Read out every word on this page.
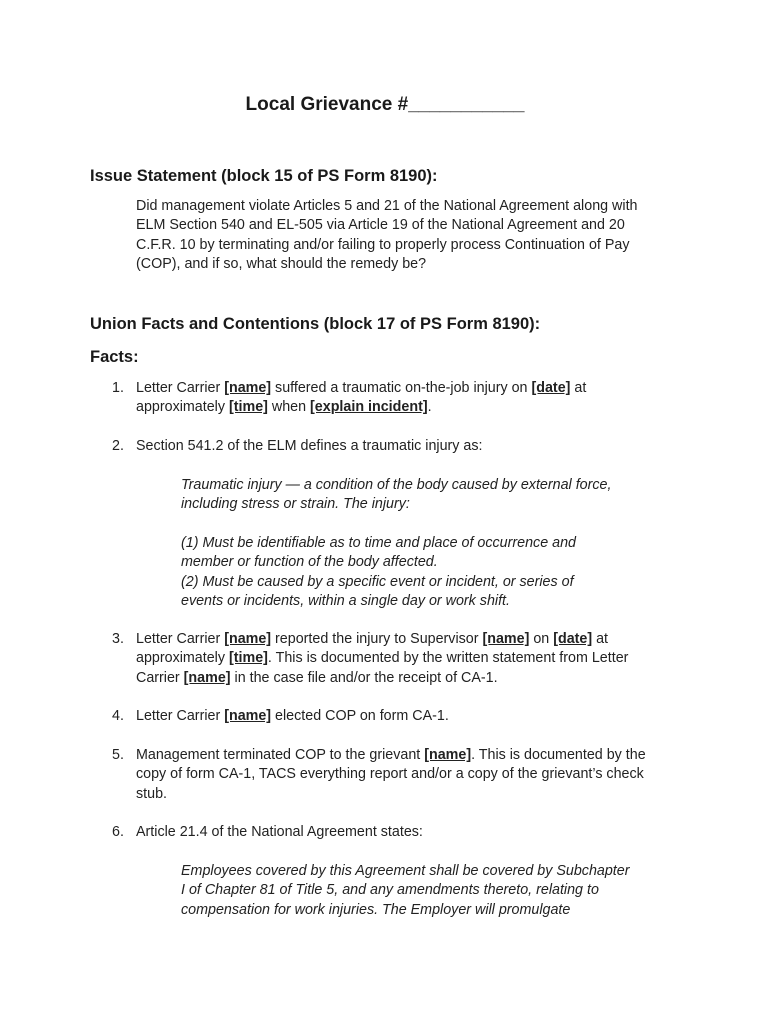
Local Grievance #___________
Issue Statement (block 15 of PS Form 8190):
Did management violate Articles 5 and 21 of the National Agreement along with
ELM Section 540 and EL-505 via Article 19 of the National Agreement and 20
C.F.R. 10 by terminating and/or failing to properly process Continuation of Pay
(COP), and if so, what should the remedy be?
Union Facts and Contentions (block 17 of PS Form 8190):
Facts:
1. Letter Carrier [name] suffered a traumatic on-the-job injury on [date] at
approximately [time] when [explain incident].
2. Section 541.2 of the ELM defines a traumatic injury as:
Traumatic injury — a condition of the body caused by external force,
including stress or strain. The injury:
(1) Must be identifiable as to time and place of occurrence and
member or function of the body affected.
(2) Must be caused by a specific event or incident, or series of
events or incidents, within a single day or work shift.
3. Letter Carrier [name] reported the injury to Supervisor [name] on [date] at
approximately [time]. This is documented by the written statement from Letter
Carrier [name] in the case file and/or the receipt of CA-1.
4. Letter Carrier [name] elected COP on form CA-1.
5. Management terminated COP to the grievant [name]. This is documented by the
copy of form CA-1, TACS everything report and/or a copy of the grievant’s check
stub.
6. Article 21.4 of the National Agreement states:
Employees covered by this Agreement shall be covered by Subchapter
I of Chapter 81 of Title 5, and any amendments thereto, relating to
compensation for work injuries. The Employer will promulgate
